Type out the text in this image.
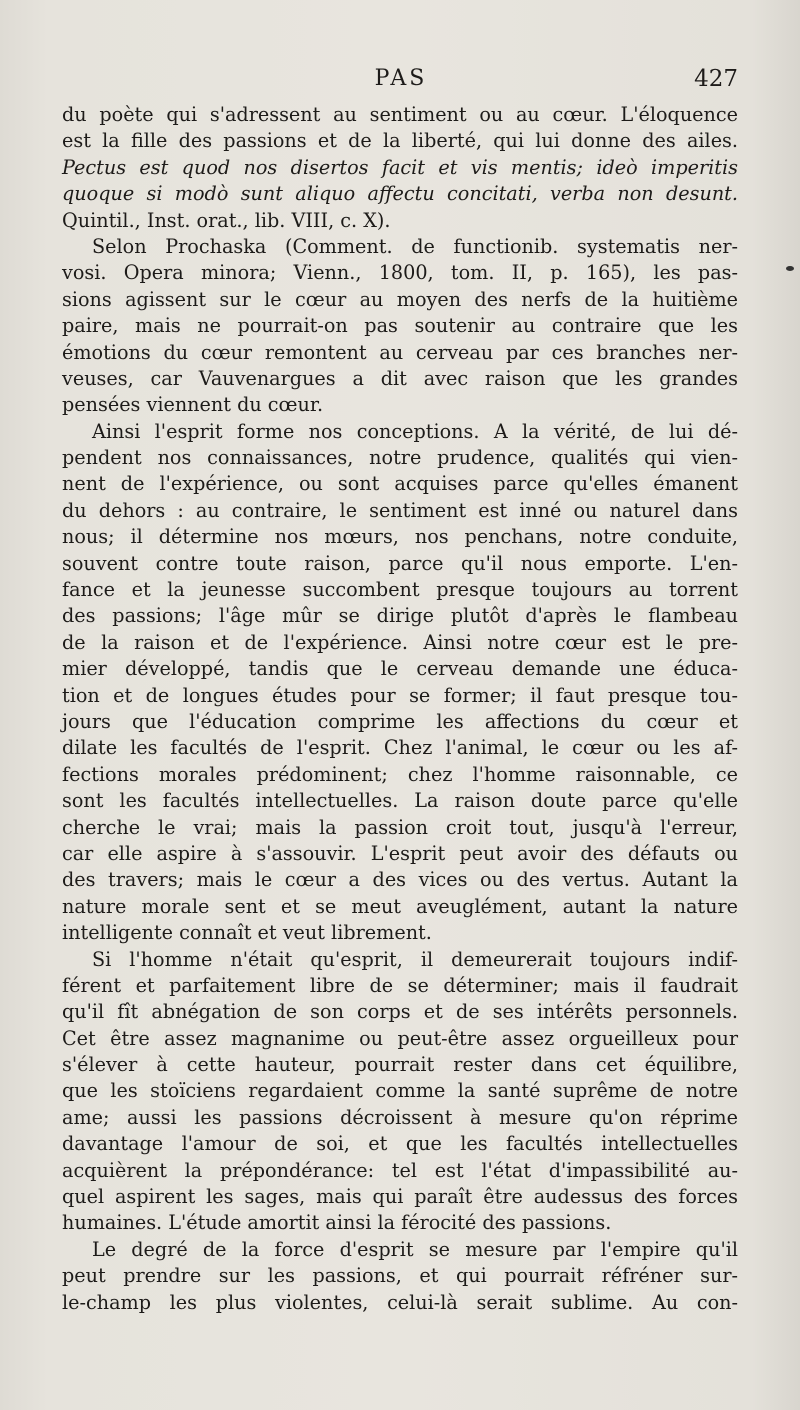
PAS	427
du poète qui s'adressent au sentiment ou au cœur. L'éloquence
est la fille des passions et de la liberté, qui lui donne des ailes.
Pectus est quod nos disertos facit et vis mentis; ideò imperitis
quoque si modò sunt aliquo affectu concitati, verba non desunt.
Quintil., Inst. orat., lib. VIII, c. X).
Selon Prochaska (Comment. de functionib. systematis ner-
vosi. Opera minora; Vienn., 1800, tom. II, p. 165), les pas-
sions agissent sur le cœur au moyen des nerfs de la huitième
paire, mais ne pourrait-on pas soutenir au contraire que les
émotions du cœur remontent au cerveau par ces branches ner-
veuses, car Vauvenargues a dit avec raison que les grandes
pensées viennent du cœur.
Ainsi l'esprit forme nos conceptions. A la vérité, de lui dé-
pendent nos connaissances, notre prudence, qualités qui vien-
nent de l'expérience, ou sont acquises parce qu'elles émanent
du dehors : au contraire, le sentiment est inné ou naturel dans
nous; il détermine nos mœurs, nos penchans, notre conduite,
souvent contre toute raison, parce qu'il nous emporte. L'en-
fance et la jeunesse succombent presque toujours au torrent
des passions; l'âge mûr se dirige plutôt d'après le flambeau
de la raison et de l'expérience. Ainsi notre cœur est le pre-
mier développé, tandis que le cerveau demande une éduca-
tion et de longues études pour se former; il faut presque tou-
jours que l'éducation comprime les affections du cœur et
dilate les facultés de l'esprit. Chez l'animal, le cœur ou les af-
fections morales prédominent; chez l'homme raisonnable, ce
sont les facultés intellectuelles. La raison doute parce qu'elle
cherche le vrai; mais la passion croit tout, jusqu'à l'erreur,
car elle aspire à s'assouvir. L'esprit peut avoir des défauts ou
des travers; mais le cœur a des vices ou des vertus. Autant la
nature morale sent et se meut aveuglément, autant la nature
intelligente connaît et veut librement.
Si l'homme n'était qu'esprit, il demeurerait toujours indif-
férent et parfaitement libre de se déterminer; mais il faudrait
qu'il fît abnégation de son corps et de ses intérêts personnels.
Cet être assez magnanime ou peut-être assez orgueilleux pour
s'élever à cette hauteur, pourrait rester dans cet équilibre,
que les stoïciens regardaient comme la santé suprême de notre
ame; aussi les passions décroissent à mesure qu'on réprime
davantage l'amour de soi, et que les facultés intellectuelles
acquièrent la prépondérance: tel est l'état d'impassibilité au-
quel aspirent les sages, mais qui paraît être audessus des forces
humaines. L'étude amortit ainsi la férocité des passions.
Le degré de la force d'esprit se mesure par l'empire qu'il
peut prendre sur les passions, et qui pourrait réfréner sur-
le-champ les plus violentes, celui-là serait sublime. Au con-
